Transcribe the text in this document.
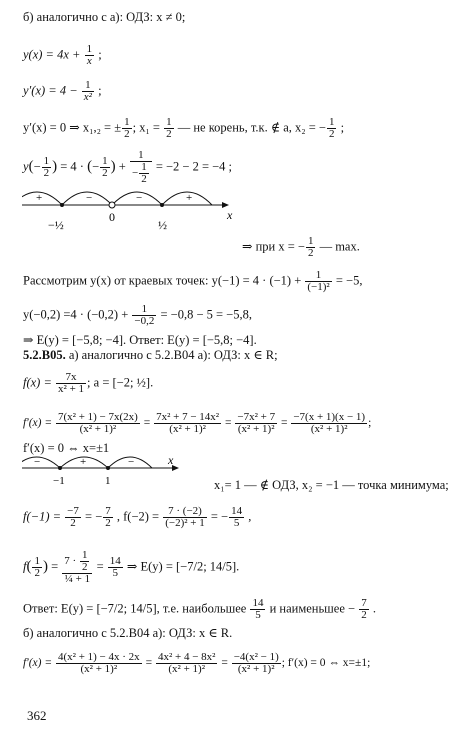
б) аналогично с а): ОДЗ: x ≠ 0;
$y(x) = 4x + \frac{1}{x}$ ;
$y'(x) = 4 - \frac{1}{\text{x²}}$ ;
y′(x) = 0 ⇒ x₁,₂ = ± $\frac{1}{2}$ ; $x_1 = \frac{1}{2}$ — не корень, т.к. ∉ a, x₂ = − $\frac{1}{2}$ ;
$y(- \frac{1}{2}$ ) = 4 · (− $\frac{1}{2}$ ) + $\frac{1}{- \frac{1}{2}} = -2 - 2 = -4$ ;
+	−	−	+
−½
0
½
x
⇒ при x = − $\frac{1}{2}$ — max.
Рассмотрим y(x) от краевых точек: $y(-1) = 4 \cdot (-1) + \frac{1}{\text{(−1)²}} = -5$,
$y(-0,2) =4 \cdot (-0,2) + \frac{1}{-0,2} = -0,8 - 5 = -5,8$,
⇒ E(y) = [−5,8; −4]. Ответ: E(y) = [−5,8; −4].
5.2.В05. а) аналогично с 5.2.В04 а): ОДЗ: x ∈ R;
$f(x) = \frac{7x}{\text{x² + 1}}$ ; a = [−2; ½].
$f'(x) = \frac{\text{7(x² + 1) − 7x(2x)}}{\text{(x² + 1)²}} = \frac{\text{7x² + 7 − 14x²}}{\text{(x² + 1)²}} = \frac{\text{−7x² + 7}}{\text{(x² + 1)²}} = \frac{-7(x + 1)(x - 1)}{\text{(x² + 1)²}}$ ;
f′(x) = 0 ⇔ x=±1
−	+	−
−1	1
x
x₁= 1 — ∉ ОДЗ, x₂ = −1 — точка минимума;
$f(-1) = \frac{-7}{2}$ = − $\frac{7}{2}$ , $f(-2) = \frac{7 \cdot (-2)}{\text{(−2)² + 1}}$ = − $\frac{14}{5}$ ,
$f( \frac{1}{2}$ ) = $\frac{7 \cdot \frac{1}{2}}{\text{¼ + 1}} = \frac{14}{5}$ ⇒ E(y) = [−7/2; 14/5].
Ответ: E(y) = [−7/2; 14/5], т.е. наибольшее $\frac{14}{5}$ и наименьшее − $\frac{7}{2}$ .
б) аналогично с 5.2.В04 а): ОДЗ: x ∈ R.
$f'(x) = \frac{\text{4(x² + 1) − 4x · 2x}}{\text{(x² + 1)²}} = \frac{\text{4x² + 4 − 8x²}}{\text{(x² + 1)²}} = \frac{\text{−4(x² − 1)}}{\text{(x² + 1)²}}$ ; f′(x) = 0 ⇔ x=±1;
362
